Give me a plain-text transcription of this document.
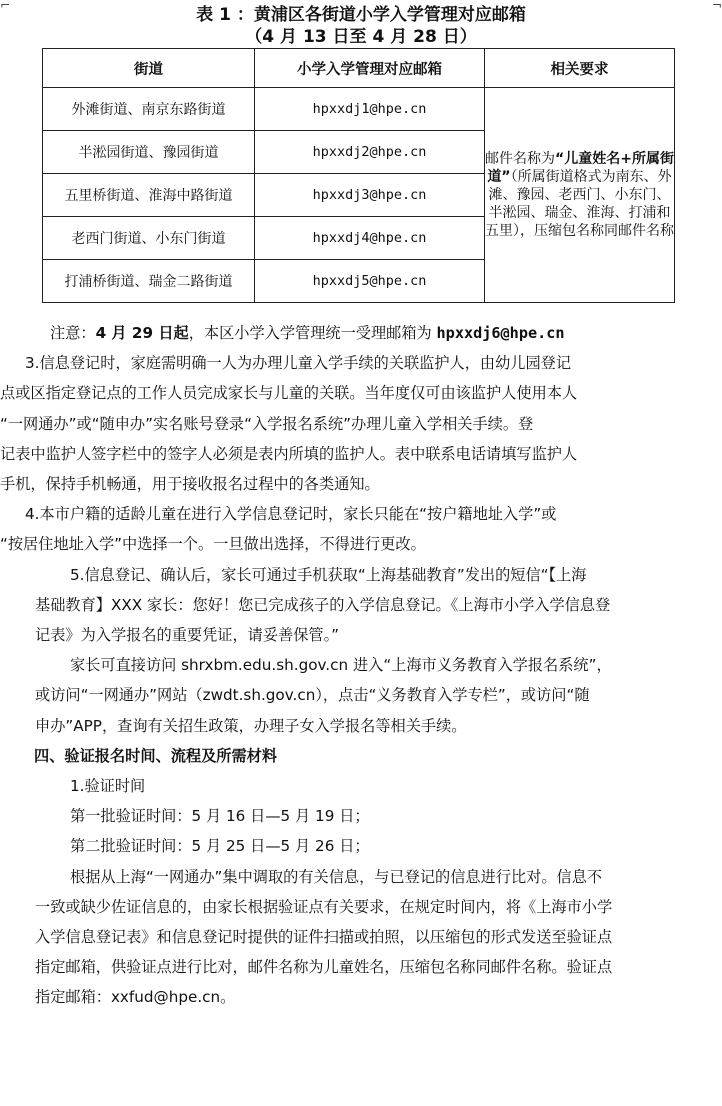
⌐	¬
表 1 ：黄浦区各街道小学入学管理对应邮箱
（4 月 13 日至 4 月 28 日）
街道	小学入学管理对应邮箱	相关要求
外滩街道、南京东路街道	hpxxdj1@hpe.cn	邮件名称为“儿童姓名+所属街道”（所属街道格式为南东、外滩、豫园、老西门、小东门、半淞园、瑞金、淮海、打浦和五里），压缩包名称同邮件名称
半淞园街道、豫园街道	hpxxdj2@hpe.cn	
五里桥街道、淮海中路街道	hpxxdj3@hpe.cn	
老西门街道、小东门街道	hpxxdj4@hpe.cn	
打浦桥街道、瑞金二路街道	hpxxdj5@hpe.cn	

注意：4 月 29 日起，本区小学入学管理统一受理邮箱为 hpxxdj6@hpe.cn

3.信息登记时，家庭需明确一人为办理儿童入学手续的关联监护人，由幼儿园登记

点或区指定登记点的工作人员完成家长与儿童的关联。当年度仅可由该监护人使用本人

“一网通办”或“随申办”实名账号登录“入学报名系统”办理儿童入学相关手续。登

记表中监护人签字栏中的签字人必须是表内所填的监护人。表中联系电话请填写监护人

手机，保持手机畅通，用于接收报名过程中的各类通知。

4.本市户籍的适龄儿童在进行入学信息登记时，家长只能在“按户籍地址入学”或

“按居住地址入学”中选择一个。一旦做出选择，不得进行更改。

5.信息登记、确认后，家长可通过手机获取“上海基础教育”发出的短信“【上海

基础教育】XXX 家长：您好！您已完成孩子的入学信息登记。《上海市小学入学信息登

记表》为入学报名的重要凭证，请妥善保管。”

家长可直接访问 shrxbm.edu.sh.gov.cn 进入“上海市义务教育入学报名系统”，

或访问“一网通办”网站（zwdt.sh.gov.cn），点击“义务教育入学专栏”，或访问“随

申办”APP，查询有关招生政策，办理子女入学报名等相关手续。

四、验证报名时间、流程及所需材料

1.验证时间

第一批验证时间：5 月 16 日—5 月 19 日；

第二批验证时间：5 月 25 日—5 月 26 日；

根据从上海“一网通办”集中调取的有关信息，与已登记的信息进行比对。信息不

一致或缺少佐证信息的，由家长根据验证点有关要求，在规定时间内，将《上海市小学

入学信息登记表》和信息登记时提供的证件扫描或拍照，以压缩包的形式发送至验证点

指定邮箱，供验证点进行比对，邮件名称为儿童姓名，压缩包名称同邮件名称。验证点

指定邮箱：xxfud@hpe.cn。
